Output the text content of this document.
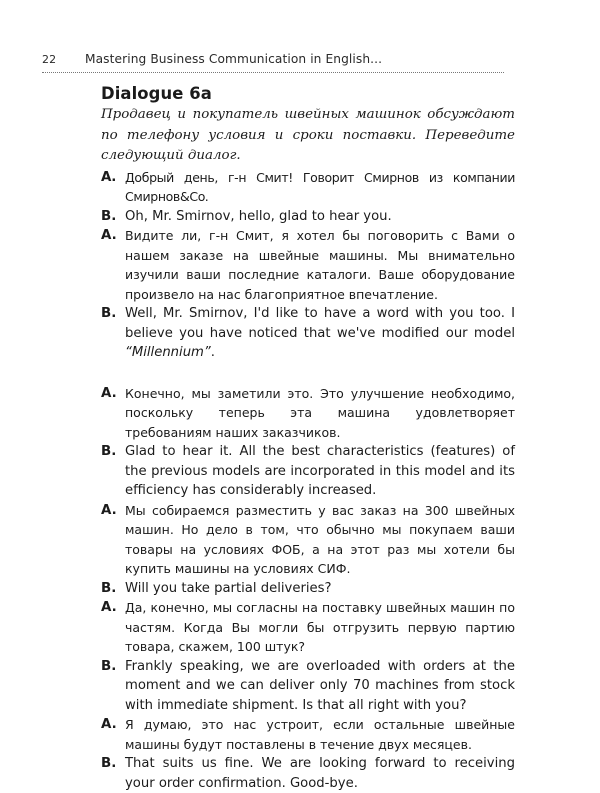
22 Mastering Business Communication in English...
Dialogue 6a

Продавец и покупатель швейных машинок обсуждают по телефону условия и сроки поставки. Переведите следующий диалог.

A. Добрый день, г-н Смит! Говорит Смирнов из компании Смирнов&Co.
B. Oh, Mr. Smirnov, hello, glad to hear you.
A. Видите ли, г-н Смит, я хотел бы поговорить с Вами о нашем заказе на швейные машины. Мы внимательно изучили ваши последние каталоги. Ваше оборудование произвело на нас благоприятное впечатление.
B. Well, Mr. Smirnov, I'd like to have a word with you too. I believe you have noticed that we've modified our model “Millennium”.
A. Конечно, мы заметили это. Это улучшение необходимо, поскольку теперь эта машина удовлетворяет требованиям наших заказчиков.
B. Glad to hear it. All the best characteristics (features) of the previous models are incorporated in this model and its efficiency has considerably increased.
A. Мы собираемся разместить у вас заказ на 300 швейных машин. Но дело в том, что обычно мы покупаем ваши товары на условиях ФОБ, а на этот раз мы хотели бы купить машины на условиях СИФ.
B. Will you take partial deliveries?
A. Да, конечно, мы согласны на поставку швейных машин по частям. Когда Вы могли бы отгрузить первую партию товара, скажем, 100 штук?
B. Frankly speaking, we are overloaded with orders at the moment and we can deliver only 70 machines from stock with immediate shipment. Is that all right with you?
A. Я думаю, это нас устроит, если остальные швейные машины будут поставлены в течение двух месяцев.
B. That suits us fine. We are looking forward to receiving your order confirmation. Good-bye.
